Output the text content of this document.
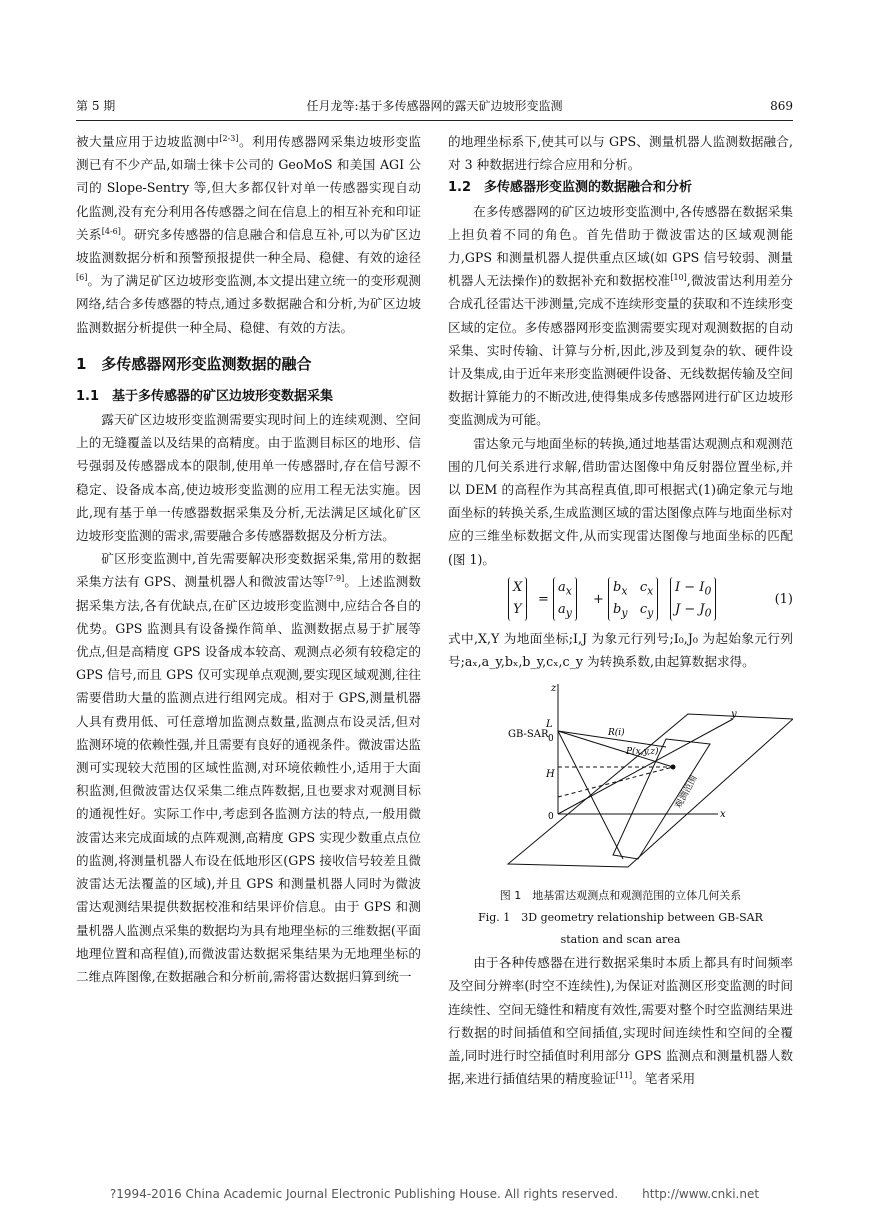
第 5 期	任月龙等:基于多传感器网的露天矿边坡形变监测	869

被大量应用于边坡监测中[2-3]。利用传感器网采集边坡形变监测已有不少产品,如瑞士徕卡公司的 GeoMoS 和美国 AGI 公司的 Slope-Sentry 等,但大多都仅针对单一传感器实现自动化监测,没有充分利用各传感器之间在信息上的相互补充和印证关系[4-6]。研究多传感器的信息融合和信息互补,可以为矿区边坡监测数据分析和预警预报提供一种全局、稳健、有效的途径[6]。为了满足矿区边坡形变监测,本文提出建立统一的变形观测网络,结合多传感器的特点,通过多数据融合和分析,为矿区边坡监测数据分析提供一种全局、稳健、有效的方法。

1　多传感器网形变监测数据的融合
1.1　基于多传感器的矿区边坡形变数据采集

露天矿区边坡形变监测需要实现时间上的连续观测、空间上的无缝覆盖以及结果的高精度。由于监测目标区的地形、信号强弱及传感器成本的限制,使用单一传感器时,存在信号源不稳定、设备成本高,使边坡形变监测的应用工程无法实施。因此,现有基于单一传感器数据采集及分析,无法满足区域化矿区边坡形变监测的需求,需要融合多传感器数据及分析方法。

矿区形变监测中,首先需要解决形变数据采集,常用的数据采集方法有 GPS、测量机器人和微波雷达等[7-9]。上述监测数据采集方法,各有优缺点,在矿区边坡形变监测中,应结合各自的优势。GPS 监测具有设备操作简单、监测数据点易于扩展等优点,但是高精度 GPS 设备成本较高、观测点必须有较稳定的 GPS 信号,而且 GPS 仅可实现单点观测,要实现区域观测,往往需要借助大量的监测点进行组网完成。相对于 GPS,测量机器人具有费用低、可任意增加监测点数量,监测点布设灵活,但对监测环境的依赖性强,并且需要有良好的通视条件。微波雷达监测可实现较大范围的区域性监测,对环境依赖性小,适用于大面积监测,但微波雷达仅采集二维点阵数据,且也要求对观测目标的通视性好。实际工作中,考虑到各监测方法的特点,一般用微波雷达来完成面域的点阵观测,高精度 GPS 实现少数重点点位的监测,将测量机器人布设在低地形区(GPS 接收信号较差且微波雷达无法覆盖的区域),并且 GPS 和测量机器人同时为微波雷达观测结果提供数据校准和结果评价信息。由于 GPS 和测量机器人监测点采集的数据均为具有地理坐标的三维数据(平面地理位置和高程值),而微波雷达数据采集结果为无地理坐标的二维点阵图像,在数据融合和分析前,需将雷达数据归算到统一

的地理坐标系下,使其可以与 GPS、测量机器人监测数据融合,对 3 种数据进行综合应用和分析。

1.2　多传感器形变监测的数据融合和分析

在多传感器网的矿区边坡形变监测中,各传感器在数据采集上担负着不同的角色。首先借助于微波雷达的区域观测能力,GPS 和测量机器人提供重点区域(如 GPS 信号较弱、测量机器人无法操作)的数据补充和数据校准[10],微波雷达利用差分合成孔径雷达干涉测量,完成不连续形变量的获取和不连续形变区域的定位。多传感器网形变监测需要实现对观测数据的自动采集、实时传输、计算与分析,因此,涉及到复杂的软、硬件设计及集成,由于近年来形变监测硬件设备、无线数据传输及空间数据计算能力的不断改进,使得集成多传感器网进行矿区边坡形变监测成为可能。

雷达象元与地面坐标的转换,通过地基雷达观测点和观测范围的几何关系进行求解,借助雷达图像中角反射器位置坐标,并以 DEM 的高程作为其高程真值,即可根据式(1)确定象元与地面坐标的转换关系,生成监测区域的雷达图像点阵与地面坐标对应的三维坐标数据文件,从而实现雷达图像与地面坐标的匹配(图 1)。

X
Y
=
$a_x$
$a_y$
+
$b_x$ $c_x$
$b_y$ $c_y$
$I - I_0$
$J - J_0$
(1)

式中,X,Y 为地面坐标;I,J 为象元行列号;I₀,J₀ 为起始象元行列号;aₓ,a_y,bₓ,b_y,cₓ,c_y 为转换系数,由起算数据求得。

z
y
x
L
GB-SAR 0
0
H
R(i)
P(x,y,z)
观测范围
图 1　地基雷达观测点和观测范围的立体几何关系
Fig. 1　3D geometry relationship between GB-SAR
station and scan area

由于各种传感器在进行数据采集时本质上都具有时间频率及空间分辨率(时空不连续性),为保证对监测区形变监测的时间连续性、空间无缝性和精度有效性,需要对整个时空监测结果进行数据的时间插值和空间插值,实现时间连续性和空间的全覆盖,同时进行时空插值时利用部分 GPS 监测点和测量机器人数据,来进行插值结果的精度验证[11]。笔者采用

?1994-2016 China Academic Journal Electronic Publishing House. All rights reserved.　　http://www.cnki.net
